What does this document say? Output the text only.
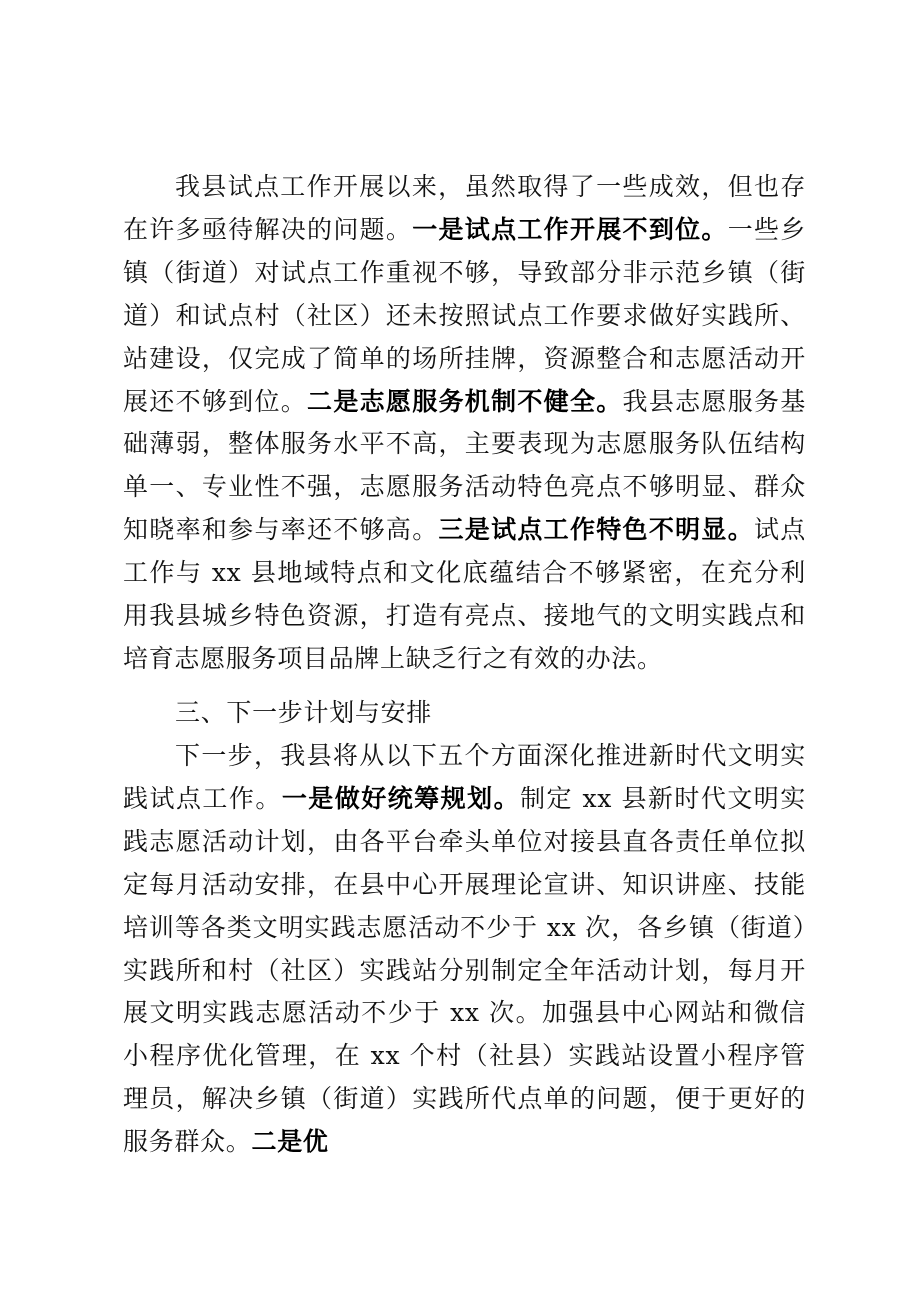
我县试点工作开展以来，虽然取得了一些成效，但也存在许多亟待解决的问题。一是试点工作开展不到位。一些乡镇（街道）对试点工作重视不够，导致部分非示范乡镇（街道）和试点村（社区）还未按照试点工作要求做好实践所、站建设，仅完成了简单的场所挂牌，资源整合和志愿活动开展还不够到位。二是志愿服务机制不健全。我县志愿服务基础薄弱，整体服务水平不高，主要表现为志愿服务队伍结构单一、专业性不强，志愿服务活动特色亮点不够明显、群众知晓率和参与率还不够高。三是试点工作特色不明显。试点工作与 xx 县地域特点和文化底蕴结合不够紧密，在充分利用我县城乡特色资源，打造有亮点、接地气的文明实践点和培育志愿服务项目品牌上缺乏行之有效的办法。

三、下一步计划与安排

下一步，我县将从以下五个方面深化推进新时代文明实践试点工作。一是做好统筹规划。制定 xx 县新时代文明实践志愿活动计划，由各平台牵头单位对接县直各责任单位拟定每月活动安排，在县中心开展理论宣讲、知识讲座、技能培训等各类文明实践志愿活动不少于 xx 次，各乡镇（街道）实践所和村（社区）实践站分别制定全年活动计划，每月开展文明实践志愿活动不少于 xx 次。加强县中心网站和微信小程序优化管理，在 xx 个村（社县）实践站设置小程序管理员，解决乡镇（街道）实践所代点单的问题，便于更好的服务群众。二是优
